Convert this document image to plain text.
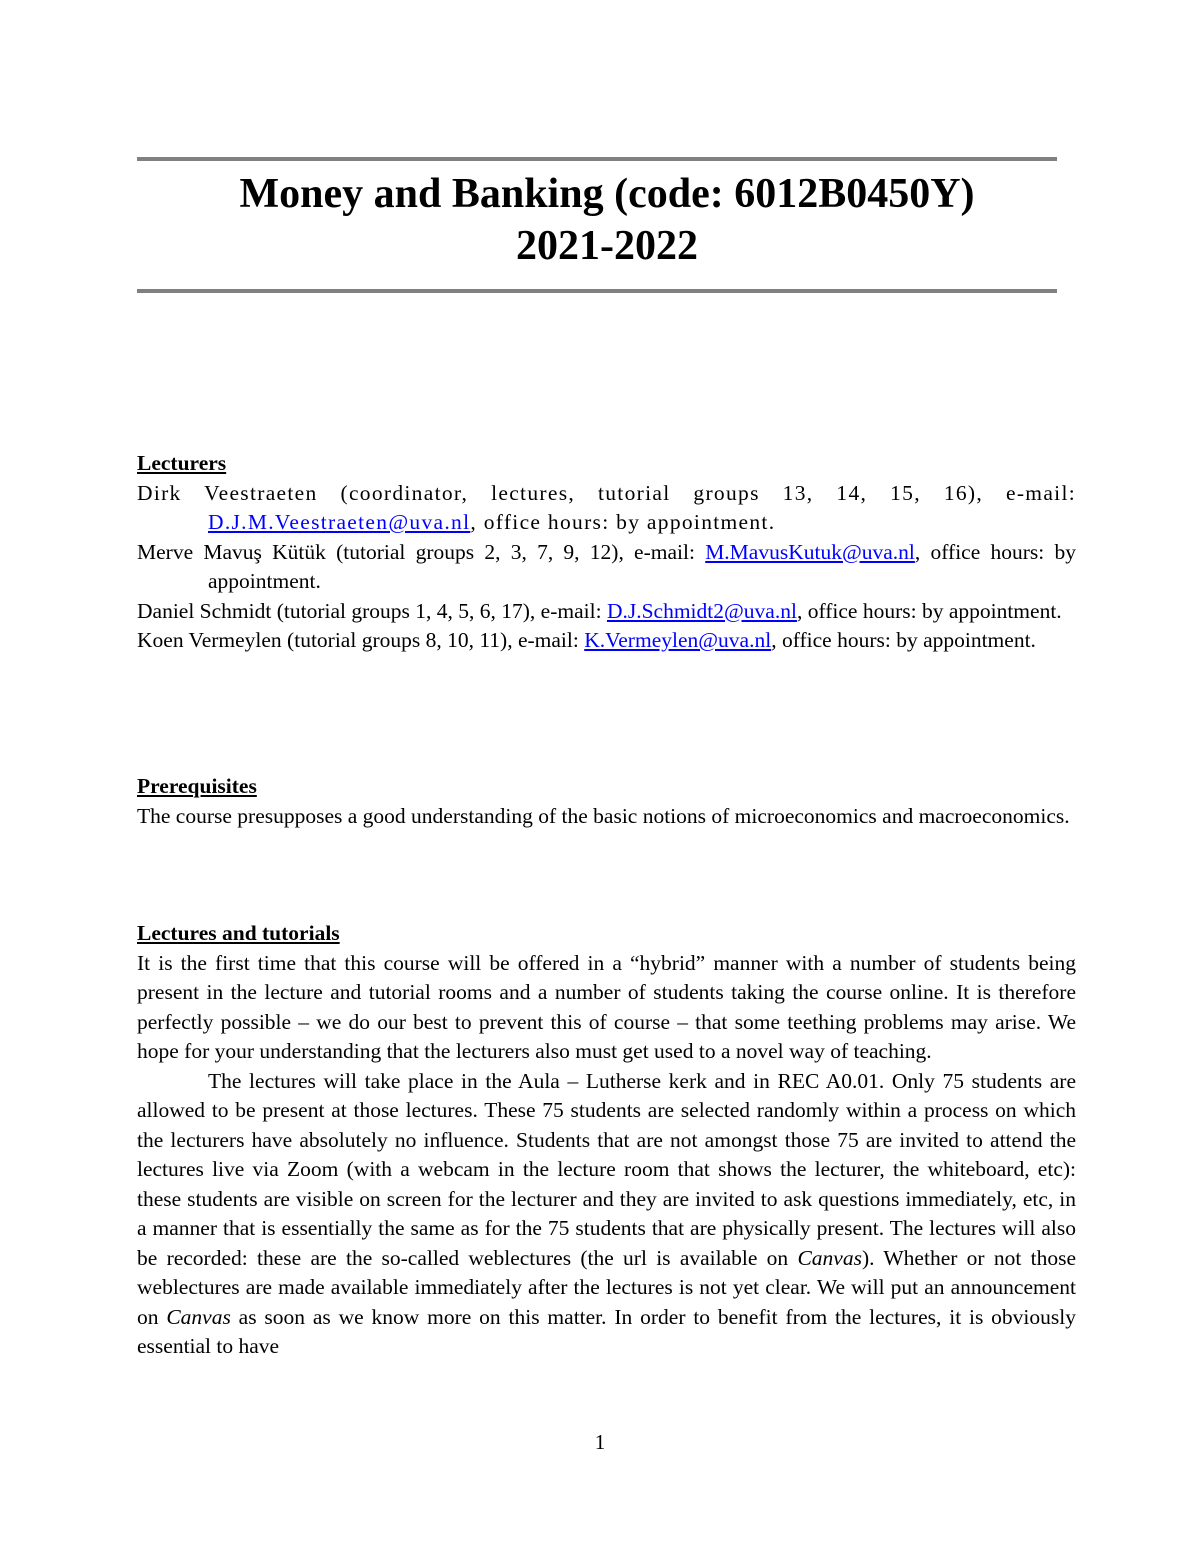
Money and Banking (code: 6012B0450Y)
2021-2022

Lecturers

Dirk Veestraeten (coordinator, lectures, tutorial groups 13, 14, 15, 16), e-mail: D.J.M.Veestraeten@uva.nl, office hours: by appointment.

Merve Mavuş Kütük (tutorial groups 2, 3, 7, 9, 12), e-mail: M.MavusKutuk@uva.nl, office hours: by appointment.

Daniel Schmidt (tutorial groups 1, 4, 5, 6, 17), e-mail: D.J.Schmidt2@uva.nl, office hours: by appointment.

Koen Vermeylen (tutorial groups 8, 10, 11), e-mail: K.Vermeylen@uva.nl, office hours: by appointment.

Prerequisites

The course presupposes a good understanding of the basic notions of microeconomics and macroeconomics.

Lectures and tutorials

It is the first time that this course will be offered in a “hybrid” manner with a number of students being present in the lecture and tutorial rooms and a number of students taking the course online. It is therefore perfectly possible – we do our best to prevent this of course – that some teething problems may arise. We hope for your understanding that the lecturers also must get used to a novel way of teaching.

The lectures will take place in the Aula – Lutherse kerk and in REC A0.01. Only 75 students are allowed to be present at those lectures. These 75 students are selected randomly within a process on which the lecturers have absolutely no influence. Students that are not amongst those 75 are invited to attend the lectures live via Zoom (with a webcam in the lecture room that shows the lecturer, the whiteboard, etc): these students are visible on screen for the lecturer and they are invited to ask questions immediately, etc, in a manner that is essentially the same as for the 75 students that are physically present. The lectures will also be recorded: these are the so-called weblectures (the url is available on Canvas). Whether or not those weblectures are made available immediately after the lectures is not yet clear. We will put an announcement on Canvas as soon as we know more on this matter. In order to benefit from the lectures, it is obviously essential to have

1
